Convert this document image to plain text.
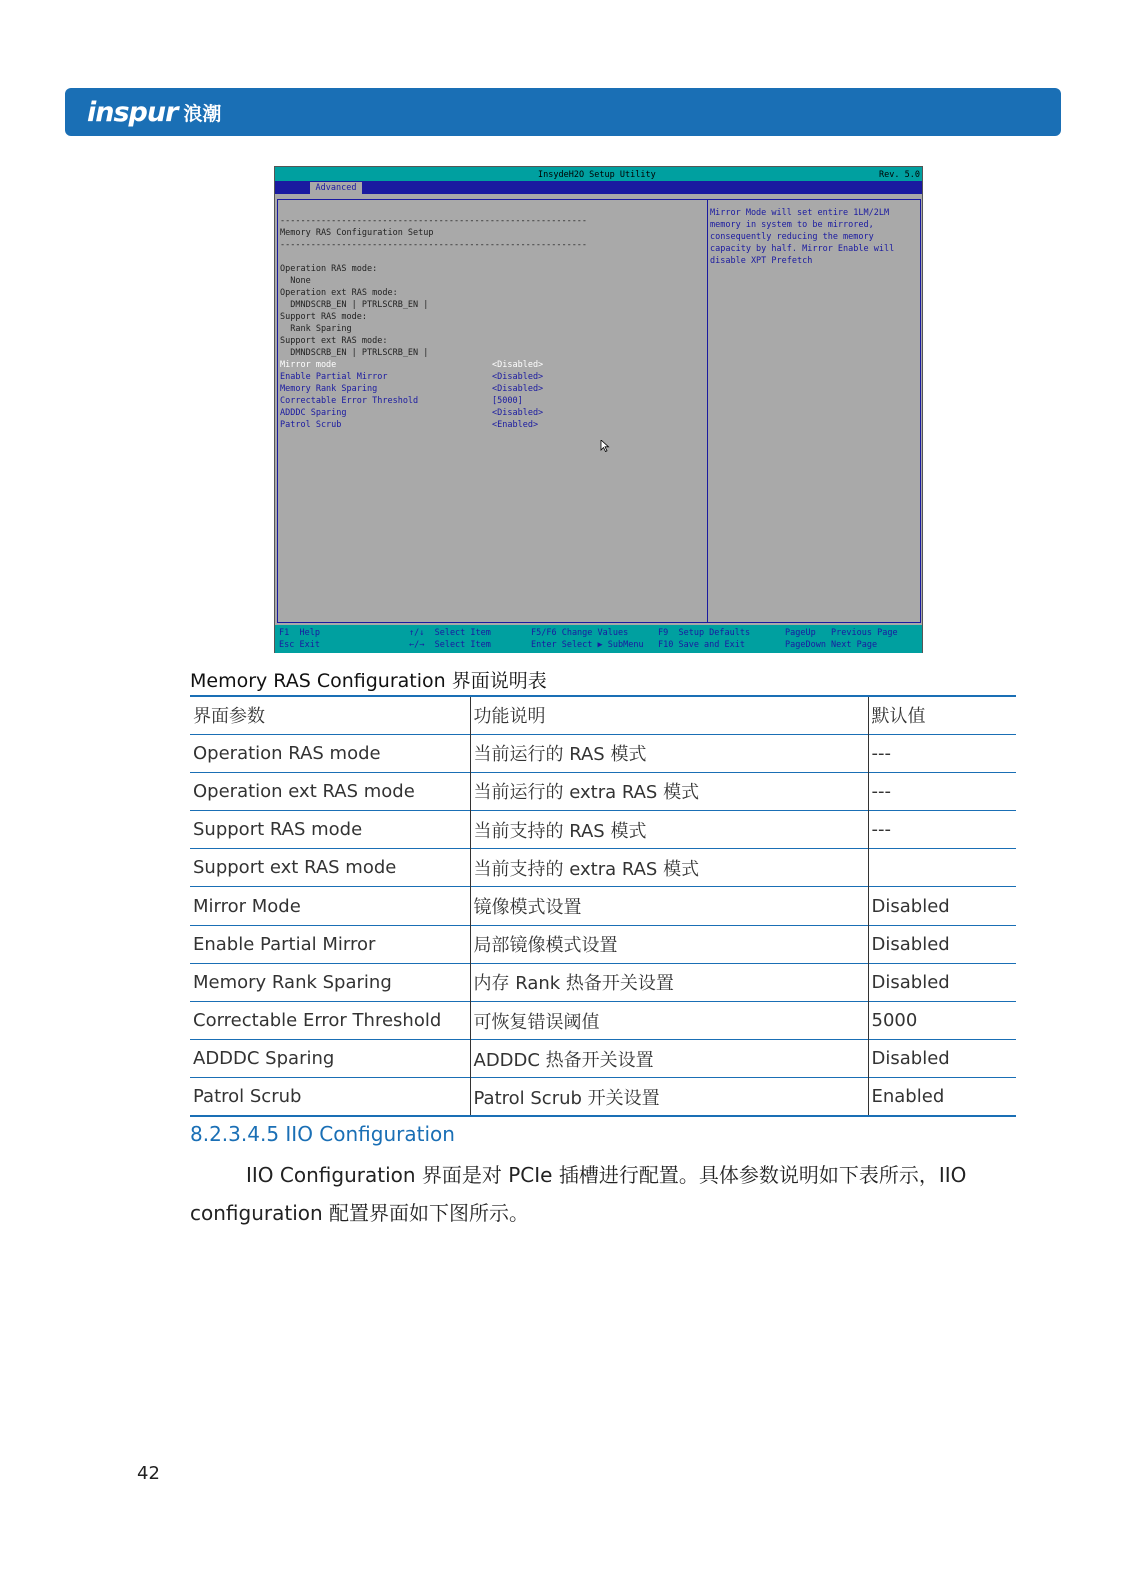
inspur 浪潮
InsydeH2O Setup Utility	Rev. 5.0
Advanced
------------------------------------------------------------
Memory RAS Configuration Setup
------------------------------------------------------------
Operation RAS mode:
None
Operation ext RAS mode:
DMNDSCRB_EN | PTRLSCRB_EN |
Support RAS mode:
Rank Sparing
Support ext RAS mode:
DMNDSCRB_EN | PTRLSCRB_EN |
Mirror mode	<Disabled>
Enable Partial Mirror	<Disabled>
Memory Rank Sparing	<Disabled>
Correctable Error Threshold	[5000]
ADDDC Sparing	<Disabled>
Patrol Scrub	<Enabled>
Mirror Mode will set entire 1LM/2LM
memory in system to be mirrored,
consequently reducing the memory
capacity by half. Mirror Enable will
disable XPT Prefetch
F1  Help
Esc Exit
↑/↓  Select Item
←/→  Select Item
F5/F6 Change Values
Enter Select ▶ SubMenu
F9  Setup Defaults
F10 Save and Exit
PageUp   Previous Page
PageDown Next Page
Memory RAS Configuration 界面说明表
界面参数	功能说明	默认值
Operation RAS mode	当前运行的 RAS 模式	---
Operation ext RAS mode	当前运行的 extra RAS 模式	---
Support RAS mode	当前支持的 RAS 模式	---
Support ext RAS mode	当前支持的 extra RAS 模式	
Mirror Mode	镜像模式设置	Disabled
Enable Partial Mirror	局部镜像模式设置	Disabled
Memory Rank Sparing	内存 Rank 热备开关设置	Disabled
Correctable Error Threshold	可恢复错误阈值	5000
ADDDC Sparing	ADDDC 热备开关设置	Disabled
Patrol Scrub	Patrol Scrub 开关设置	Enabled
8.2.3.4.5 IIO Configuration

IIO Configuration 界面是对 PCIe 插槽进行配置。具体参数说明如下表所示，IIO configuration 配置界面如下图所示。

42
